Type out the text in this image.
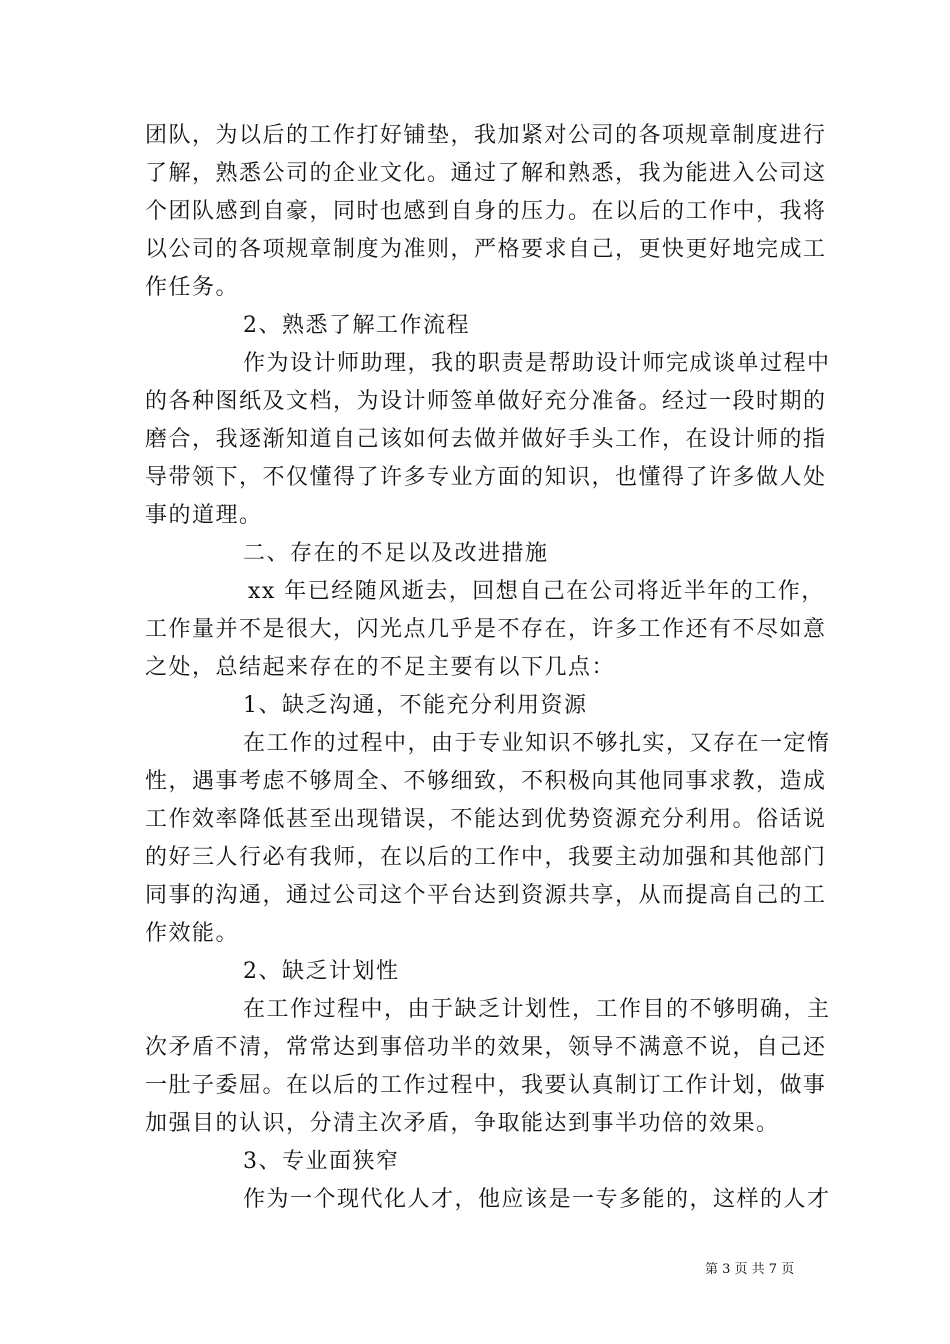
团队，为以后的工作打好铺垫，我加紧对公司的各项规章制度进行
了解，熟悉公司的企业文化。通过了解和熟悉，我为能进入公司这
个团队感到自豪，同时也感到自身的压力。在以后的工作中，我将
以公司的各项规章制度为准则，严格要求自己，更快更好地完成工
作任务。
2、熟悉了解工作流程
作为设计师助理，我的职责是帮助设计师完成谈单过程中
的各种图纸及文档，为设计师签单做好充分准备。经过一段时期的
磨合，我逐渐知道自己该如何去做并做好手头工作，在设计师的指
导带领下，不仅懂得了许多专业方面的知识，也懂得了许多做人处
事的道理。
二、存在的不足以及改进措施
xx 年已经随风逝去，回想自己在公司将近半年的工作，
工作量并不是很大，闪光点几乎是不存在，许多工作还有不尽如意
之处，总结起来存在的不足主要有以下几点：
1、缺乏沟通，不能充分利用资源
在工作的过程中，由于专业知识不够扎实，又存在一定惰
性，遇事考虑不够周全、不够细致，不积极向其他同事求教，造成
工作效率降低甚至出现错误，不能达到优势资源充分利用。俗话说
的好三人行必有我师，在以后的工作中，我要主动加强和其他部门
同事的沟通，通过公司这个平台达到资源共享，从而提高自己的工
作效能。
2、缺乏计划性
在工作过程中，由于缺乏计划性，工作目的不够明确，主
次矛盾不清，常常达到事倍功半的效果，领导不满意不说，自己还
一肚子委屈。在以后的工作过程中，我要认真制订工作计划，做事
加强目的认识，分清主次矛盾，争取能达到事半功倍的效果。
3、专业面狭窄
作为一个现代化人才，他应该是一专多能的，这样的人才
第 3 页 共 7 页
